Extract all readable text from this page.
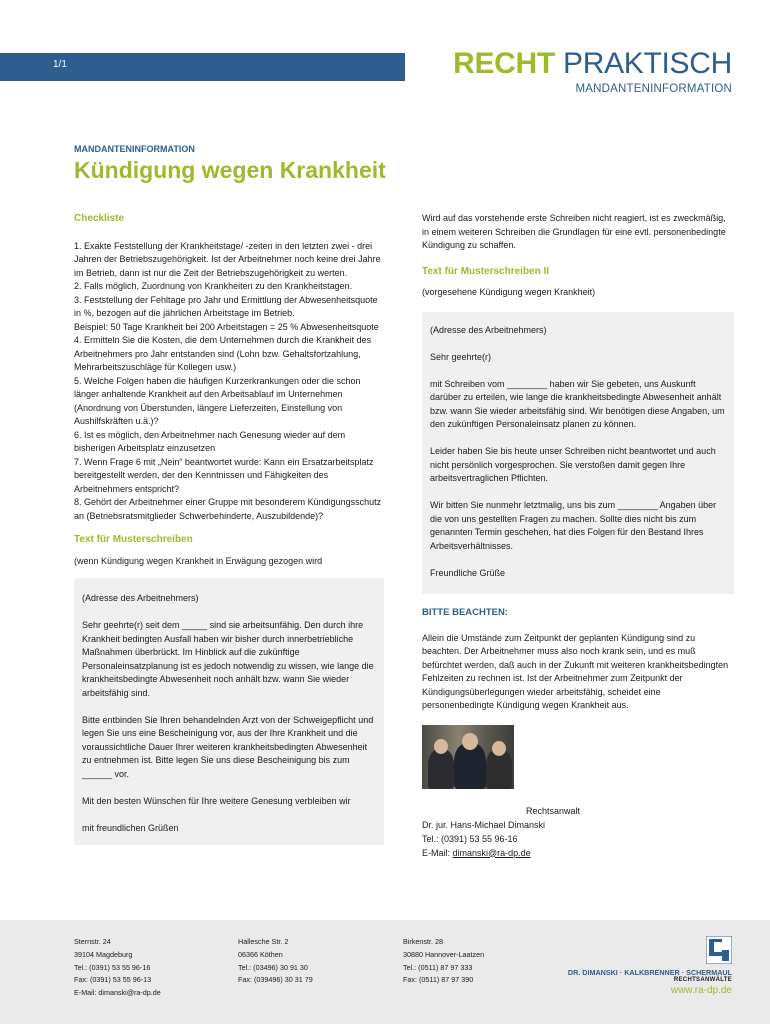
1/1	RECHT PRAKTISCH
MANDANTENINFORMATION
MANDANTENINFORMATION
Kündigung wegen Krankheit
Checkliste

1. Exakte Feststellung der Krankheitstage/ -zeiten in den letzten zwei - drei Jahren der Betriebszugehörigkeit. Ist der Arbeitnehmer noch keine drei Jahre im Betrieb, dann ist nur die Zeit der Betriebszugehörigkeit zu werten.

2. Falls möglich, Zuordnung von Krankheiten zu den Krankheitstagen.

3. Feststellung der Fehltage pro Jahr und Ermittlung der Abwesenheitsquote in %, bezogen auf die jährlichen Arbeitstage im Betrieb.

Beispiel: 50 Tage Krankheit bei 200 Arbeitstagen = 25 % Abwesenheitsquote

4. Ermitteln Sie die Kosten, die dem Unternehmen durch die Krankheit des Arbeitnehmers pro Jahr entstanden sind (Lohn bzw. Gehaltsfortzahlung, Mehrarbeitszuschläge für Kollegen usw.)

5. Welche Folgen haben die häufigen Kurzerkrankungen oder die schon länger anhaltende Krankheit auf den Arbeitsablauf im Unternehmen (Anordnung von Überstunden, längere Lieferzeiten, Einstellung von Aushilfskräften u.ä.)?

6. Ist es möglich, den Arbeitnehmer nach Genesung wieder auf dem bisherigen Arbeitsplatz einzusetzen

7. Wenn Frage 6 mit „Nein“ beantwortet wurde: Kann ein Ersatzarbeitsplatz bereitgestellt werden, der den Kenntnissen und Fähigkeiten des Arbeitnehmers entspricht?

8. Gehört der Arbeitnehmer einer Gruppe mit besonderem Kündigungsschutz an (Betriebsratsmitglieder Schwerbehinderte, Auszubildende)?

Text für Musterschreiben

(wenn Kündigung wegen Krankheit in Erwägung gezogen wird

(Adresse des Arbeitnehmers)

Sehr geehrte(r) seit dem _____ sind sie arbeitsunfähig. Den durch ihre Krankheit bedingten Ausfall haben wir bisher durch innerbetriebliche Maßnahmen überbrückt. Im Hinblick auf die zukünftige Personaleinsatzplanung ist es jedoch notwendig zu wissen, wie lange die krankheitsbedingte Abwesenheit noch anhält bzw. wann Sie wieder arbeitsfähig sind.

Bitte entbinden Sie Ihren behandelnden Arzt von der Schweigepflicht und legen Sie uns eine Bescheinigung vor, aus der Ihre Krankheit und die voraussichtliche Dauer Ihrer weiteren krankheitsbedingten Abwesenheit zu entnehmen ist. Bitte legen Sie uns diese Bescheinigung bis zum ______ vor.

Mit den besten Wünschen für Ihre weitere Genesung verbleiben wir

mit freundlichen Grüßen

Wird auf das vorstehende erste Schreiben nicht reagiert, ist es zweckmäßig, in einem weiteren Schreiben die Grundlagen für eine evtl. personenbedingte Kündigung zu schaffen.

Text für Musterschreiben II

(vorgesehene Kündigung wegen Krankheit)

(Adresse des Arbeitnehmers)

Sehr geehrte(r)

mit Schreiben vom ________ haben wir Sie gebeten, uns Auskunft darüber zu erteilen, wie lange die krankheitsbedingte Abwesenheit anhält bzw. wann Sie wieder arbeitsfähig sind. Wir benötigen diese Angaben, um den zukünftigen Personaleinsatz planen zu können.

Leider haben Sie bis heute unser Schreiben nicht beantwortet und auch nicht persönlich vorgesprochen. Sie verstoßen damit gegen Ihre arbeitsvertraglichen Pflichten.

Wir bitten Sie nunmehr letztmalig, uns bis zum ________ Angaben über die von uns gestellten Fragen zu machen. Sollte dies nicht bis zum genannten Termin geschehen, hat dies Folgen für den Bestand Ihres Arbeitsverhältnisses.

Freundliche Grüße

BITTE BEACHTEN:

Allein die Umstände zum Zeitpunkt der geplanten Kündigung sind zu beachten. Der Arbeitnehmer muss also noch krank sein, und es muß befürchtet werden, daß auch in der Zukunft mit weiteren krankheitsbedingten Fehlzeiten zu rechnen ist. Ist der Arbeitnehmer zum Zeitpunkt der Kündigungsüberlegungen wieder arbeitsfähig, scheidet eine personenbedingte Kündigung wegen Krankheit aus.

Rechtsanwalt

Dr. jur. Hans-Michael Dimanski

Tel.: (0391) 53 55 96-16

E-Mail: dimanski@ra-dp.de

Sternstr. 24
39104 Magdeburg
Tel.: (0391) 53 55 96-16
Fax: (0391) 53 55 96-13
E-Mail: dimanski@ra-dp.de
Hallesche Str. 2
06366 Köthen
Tel.: (03496) 30 91 30
Fax: (039496) 30 31 79
Birkenstr. 28
30880 Hannover-Laatzen
Tel.: (0511) 87 97 333
Fax: (0511) 87 97 390
DR. DIMANSKI · KALKBRENNER · SCHERMAUL
RECHTSANWÄLTE
www.ra-dp.de
